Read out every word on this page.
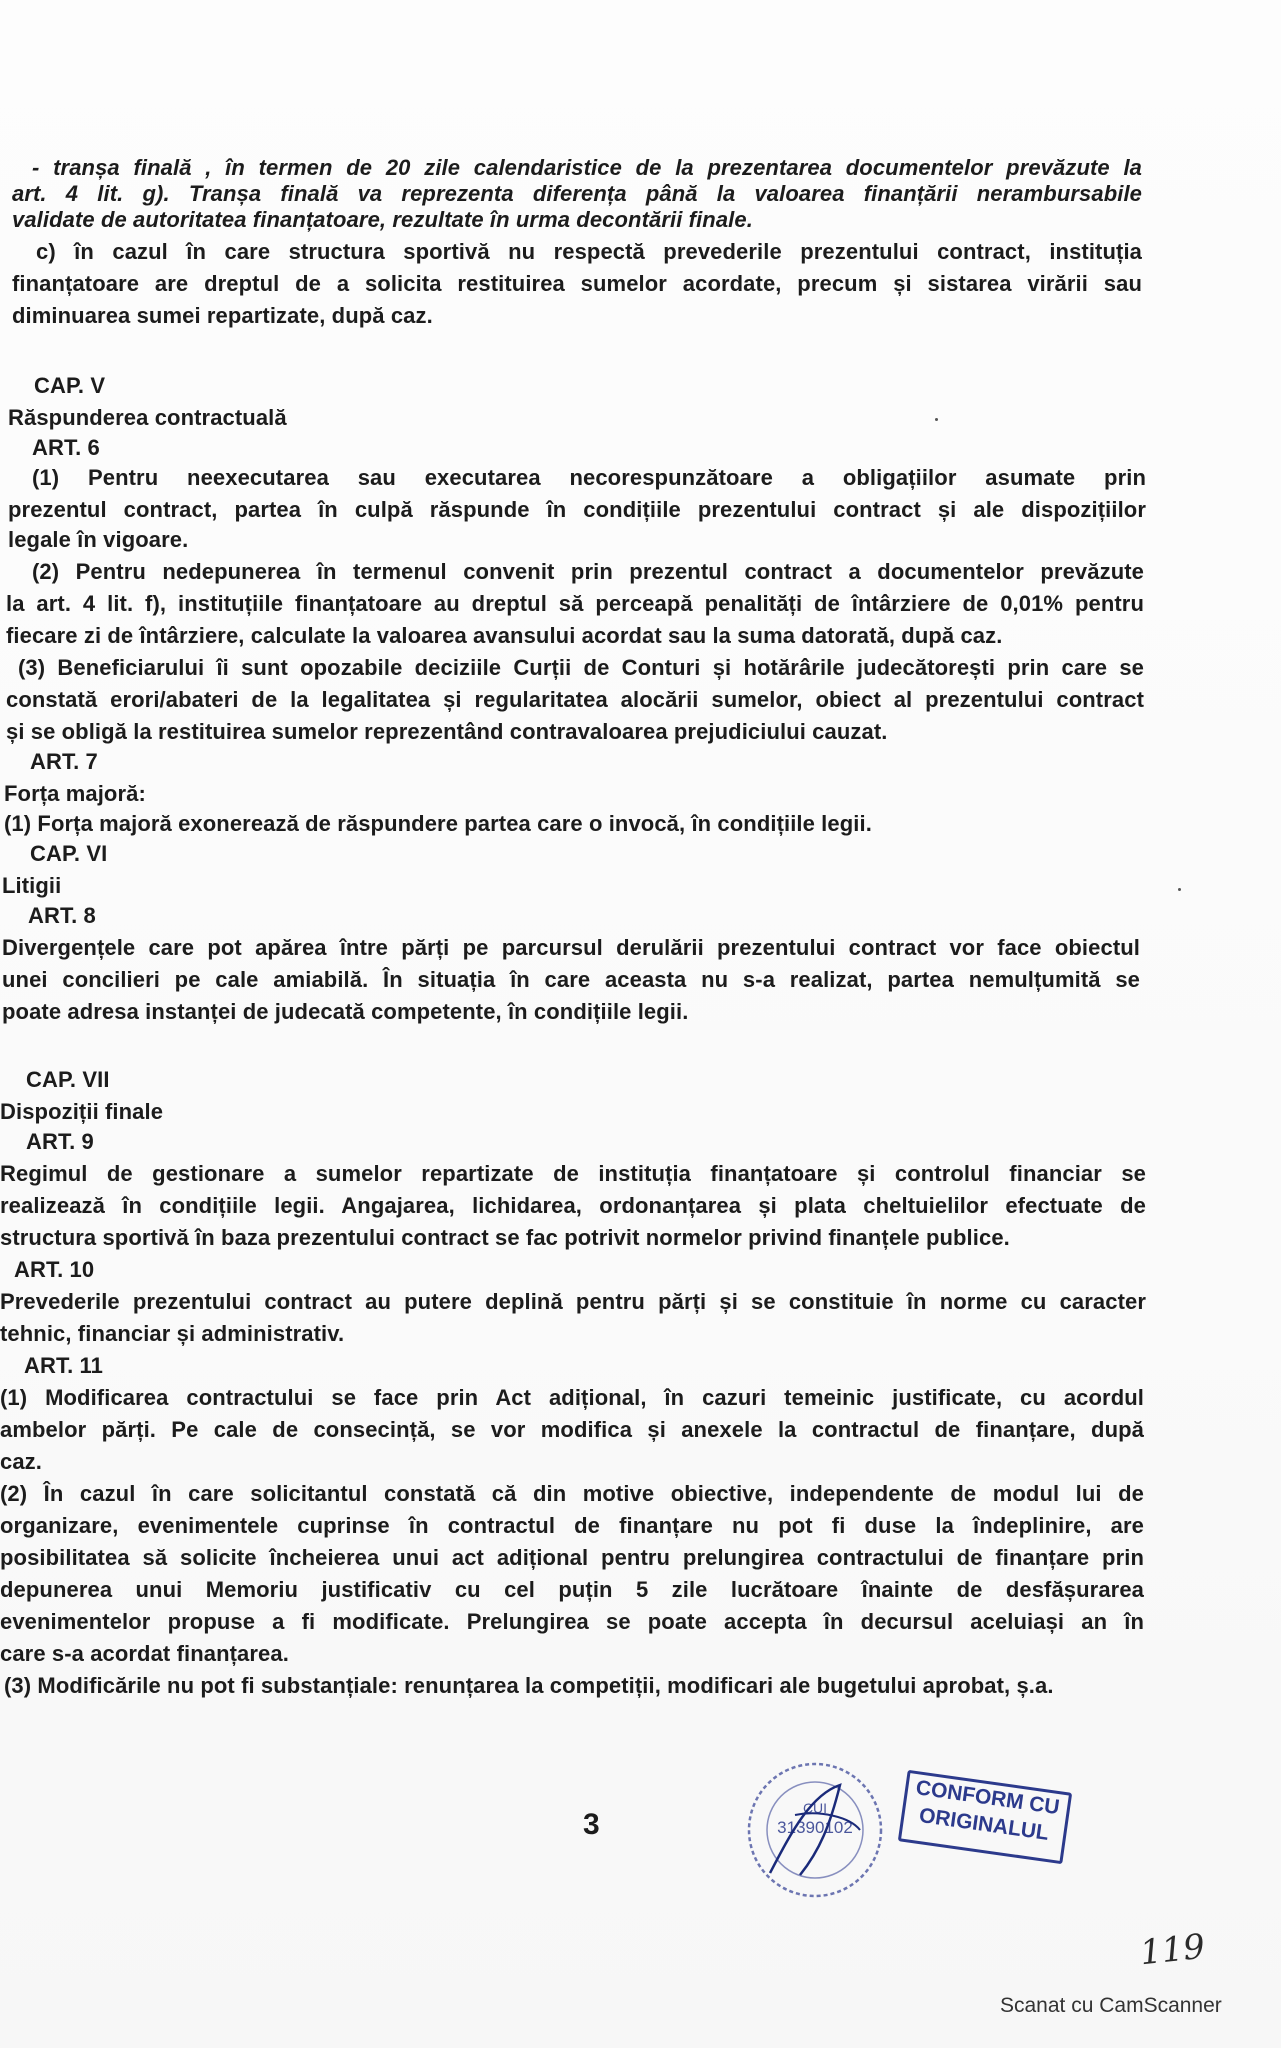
- tranșa finală , în termen de 20 zile calendaristice de la prezentarea documentelor prevăzute la
art. 4 lit. g). Tranșa finală va reprezenta diferența până la valoarea finanțării nerambursabile
validate de autoritatea finanțatoare, rezultate în urma decontării finale.
c) în cazul în care structura sportivă nu respectă prevederile prezentului contract, instituția
finanțatoare are dreptul de a solicita restituirea sumelor acordate, precum și sistarea virării sau
diminuarea sumei repartizate, după caz.
CAP. V
Răspunderea contractuală
ART. 6
(1) Pentru neexecutarea sau executarea necorespunzătoare a obligațiilor asumate prin
prezentul contract, partea în culpă răspunde în condițiile prezentului contract și ale dispozițiilor
legale în vigoare.
(2) Pentru nedepunerea în termenul convenit prin prezentul contract a documentelor prevăzute
la art. 4 lit. f), instituțiile finanțatoare au dreptul să perceapă penalități de întârziere de 0,01% pentru
fiecare zi de întârziere, calculate la valoarea avansului acordat sau la suma datorată, după caz.
(3) Beneficiarului îi sunt opozabile deciziile Curții de Conturi și hotărârile judecătorești prin care se
constată erori/abateri de la legalitatea și regularitatea alocării sumelor, obiect al prezentului contract
și se obligă la restituirea sumelor reprezentând contravaloarea prejudiciului cauzat.
ART. 7
Forța majoră:
(1) Forța majoră exonerează de răspundere partea care o invocă, în condițiile legii.
CAP. VI
Litigii
ART. 8
Divergențele care pot apărea între părți pe parcursul derulării prezentului contract vor face obiectul
unei concilieri pe cale amiabilă. În situația în care aceasta nu s-a realizat, partea nemulțumită se
poate adresa instanței de judecată competente, în condițiile legii.
CAP. VII
Dispoziții finale
ART. 9
Regimul de gestionare a sumelor repartizate de instituția finanțatoare și controlul financiar se
realizează în condițiile legii. Angajarea, lichidarea, ordonanțarea și plata cheltuielilor efectuate de
structura sportivă în baza prezentului contract se fac potrivit normelor privind finanțele publice.
ART. 10
Prevederile prezentului contract au putere deplină pentru părți și se constituie în norme cu caracter
tehnic, financiar și administrativ.
ART. 11
(1) Modificarea contractului se face prin Act adițional, în cazuri temeinic justificate, cu acordul
ambelor părți. Pe cale de consecință, se vor modifica și anexele la contractul de finanțare, după
caz.
(2) În cazul în care solicitantul constată că din motive obiective, independente de modul lui de
organizare, evenimentele cuprinse în contractul de finanțare nu pot fi duse la îndeplinire, are
posibilitatea să solicite încheierea unui act adițional pentru prelungirea contractului de finanțare prin
depunerea unui Memoriu justificativ cu cel puțin 5 zile lucrătoare înainte de desfășurarea
evenimentelor propuse a fi modificate. Prelungirea se poate accepta în decursul aceluiași an în
care s-a acordat finanțarea.
(3) Modificările nu pot fi substanțiale: renunțarea la competiții, modificari ale bugetului aprobat, ș.a.
3	31390102
CUI	CONFORM CU ORIGINALUL
119
Scanat cu CamScanner
